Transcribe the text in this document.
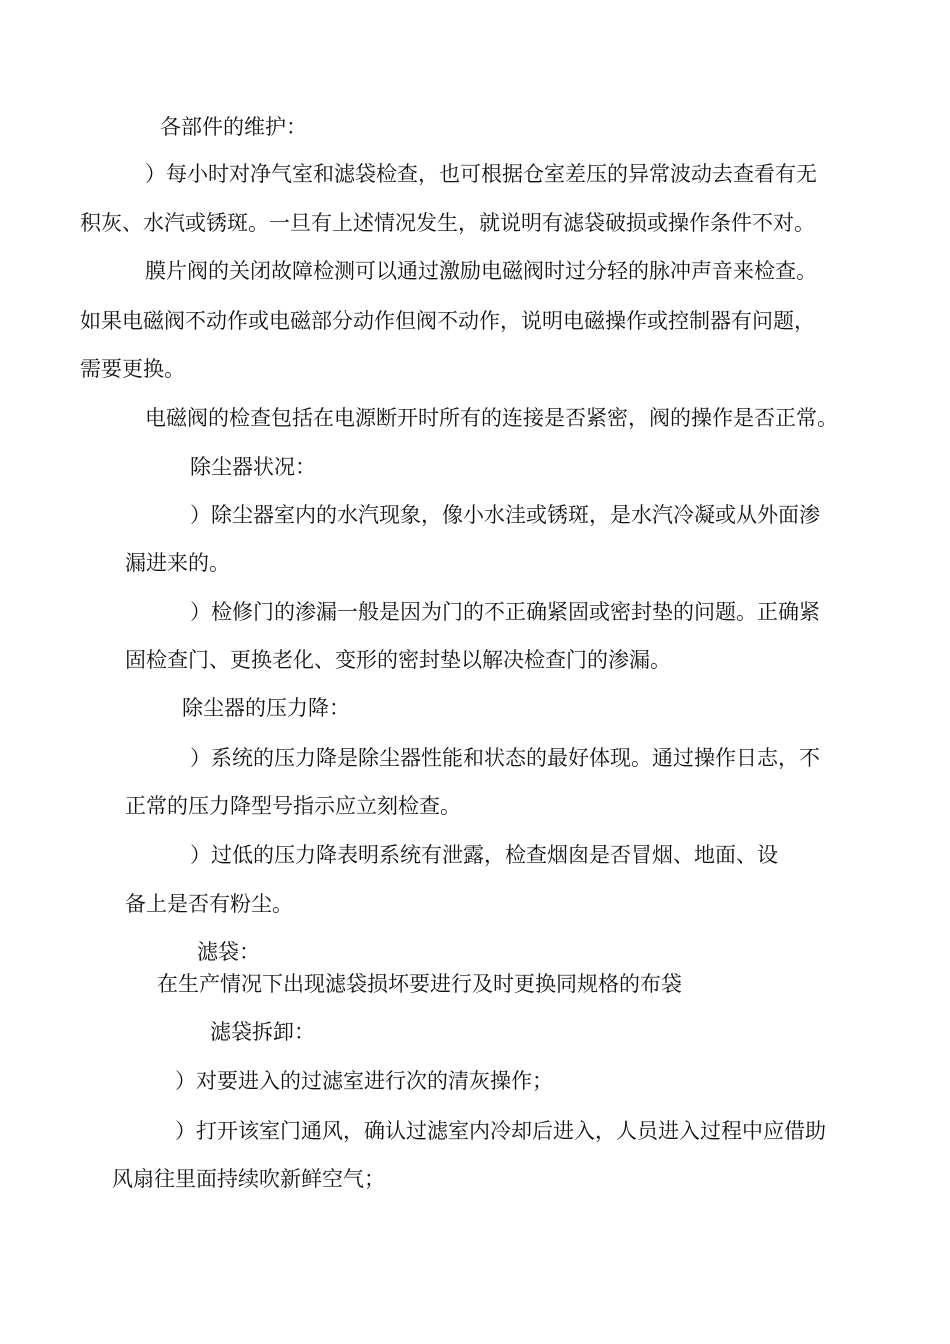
各部件的维护：
）每小时对净气室和滤袋检查，也可根据仓室差压的异常波动去查看有无
积灰、水汽或锈斑。一旦有上述情况发生，就说明有滤袋破损或操作条件不对。
膜片阀的关闭故障检测可以通过激励电磁阀时过分轻的脉冲声音来检查。
如果电磁阀不动作或电磁部分动作但阀不动作，说明电磁操作或控制器有问题，
需要更换。
电磁阀的检查包括在电源断开时所有的连接是否紧密，阀的操作是否正常。
除尘器状况：
）除尘器室内的水汽现象，像小水洼或锈斑，是水汽冷凝或从外面渗
漏进来的。
）检修门的渗漏一般是因为门的不正确紧固或密封垫的问题。正确紧
固检查门、更换老化、变形的密封垫以解决检查门的渗漏。
除尘器的压力降：
）系统的压力降是除尘器性能和状态的最好体现。通过操作日志，不
正常的压力降型号指示应立刻检查。
）过低的压力降表明系统有泄露，检查烟囱是否冒烟、地面、设
备上是否有粉尘。
滤袋：
在生产情况下出现滤袋损坏要进行及时更换同规格的布袋
滤袋拆卸：
）对要进入的过滤室进行次的清灰操作；
）打开该室门通风，确认过滤室内冷却后进入，人员进入过程中应借助
风扇往里面持续吹新鲜空气；
